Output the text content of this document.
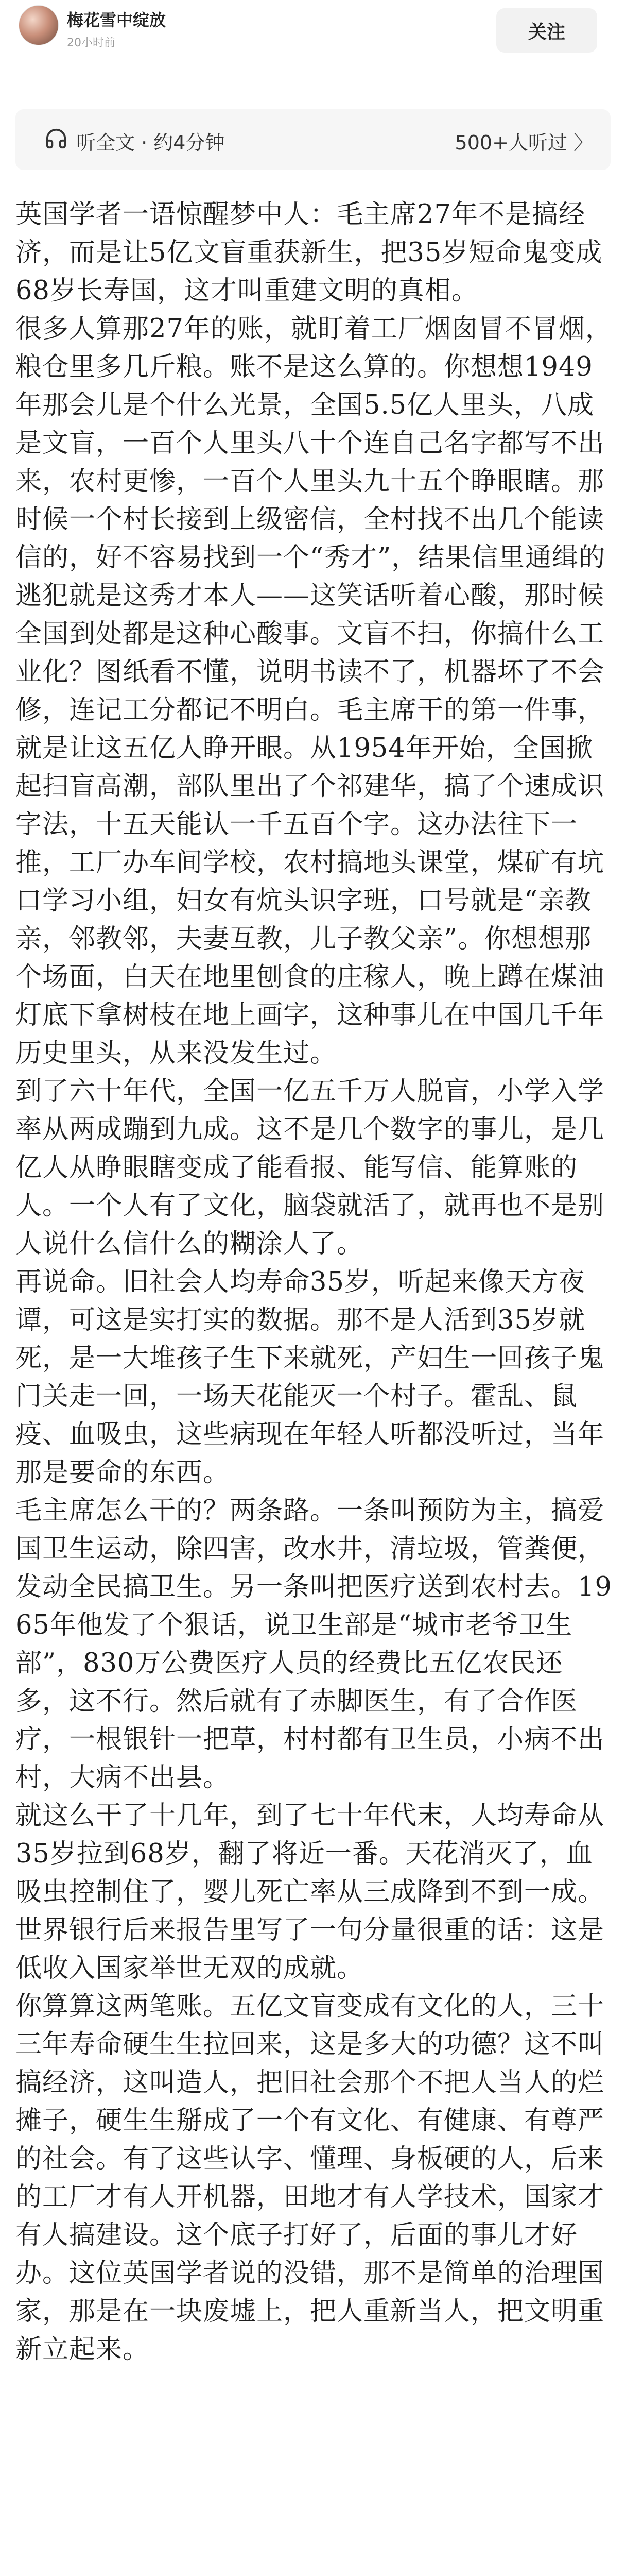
梅花雪中绽放
20小时前
关注
听全文 · 约4分钟	500+人听过 〉

英国学者一语惊醒梦中人：毛主席27年不是搞经济，而是让5亿文盲重获新生，把35岁短命鬼变成68岁长寿国，这才叫重建文明的真相。

很多人算那27年的账，就盯着工厂烟囱冒不冒烟，粮仓里多几斤粮。账不是这么算的。你想想1949年那会儿是个什么光景，全国5.5亿人里头，八成是文盲，一百个人里头八十个连自己名字都写不出来，农村更惨，一百个人里头九十五个睁眼瞎。那时候一个村长接到上级密信，全村找不出几个能读信的，好不容易找到一个“秀才”，结果信里通缉的逃犯就是这秀才本人——这笑话听着心酸，那时候全国到处都是这种心酸事。文盲不扫，你搞什么工业化？图纸看不懂，说明书读不了，机器坏了不会修，连记工分都记不明白。毛主席干的第一件事，就是让这五亿人睁开眼。从1954年开始，全国掀起扫盲高潮，部队里出了个祁建华，搞了个速成识字法，十五天能认一千五百个字。这办法往下一推，工厂办车间学校，农村搞地头课堂，煤矿有坑口学习小组，妇女有炕头识字班，口号就是“亲教亲，邻教邻，夫妻互教，儿子教父亲”。你想想那个场面，白天在地里刨食的庄稼人，晚上蹲在煤油灯底下拿树枝在地上画字，这种事儿在中国几千年历史里头，从来没发生过。

到了六十年代，全国一亿五千万人脱盲，小学入学率从两成蹦到九成。这不是几个数字的事儿，是几亿人从睁眼瞎变成了能看报、能写信、能算账的人。一个人有了文化，脑袋就活了，就再也不是别人说什么信什么的糊涂人了。

再说命。旧社会人均寿命35岁，听起来像天方夜谭，可这是实打实的数据。那不是人活到35岁就死，是一大堆孩子生下来就死，产妇生一回孩子鬼门关走一回，一场天花能灭一个村子。霍乱、鼠疫、血吸虫，这些病现在年轻人听都没听过，当年那是要命的东西。

毛主席怎么干的？两条路。一条叫预防为主，搞爱国卫生运动，除四害，改水井，清垃圾，管粪便，发动全民搞卫生。另一条叫把医疗送到农村去。1965年他发了个狠话，说卫生部是“城市老爷卫生部”，830万公费医疗人员的经费比五亿农民还多，这不行。然后就有了赤脚医生，有了合作医疗，一根银针一把草，村村都有卫生员，小病不出村，大病不出县。

就这么干了十几年，到了七十年代末，人均寿命从35岁拉到68岁，翻了将近一番。天花消灭了，血吸虫控制住了，婴儿死亡率从三成降到不到一成。世界银行后来报告里写了一句分量很重的话：这是低收入国家举世无双的成就。

你算算这两笔账。五亿文盲变成有文化的人，三十三年寿命硬生生拉回来，这是多大的功德？这不叫搞经济，这叫造人，把旧社会那个不把人当人的烂摊子，硬生生掰成了一个有文化、有健康、有尊严的社会。有了这些认字、懂理、身板硬的人，后来的工厂才有人开机器，田地才有人学技术，国家才有人搞建设。这个底子打好了，后面的事儿才好办。这位英国学者说的没错，那不是简单的治理国家，那是在一块废墟上，把人重新当人，把文明重新立起来。
